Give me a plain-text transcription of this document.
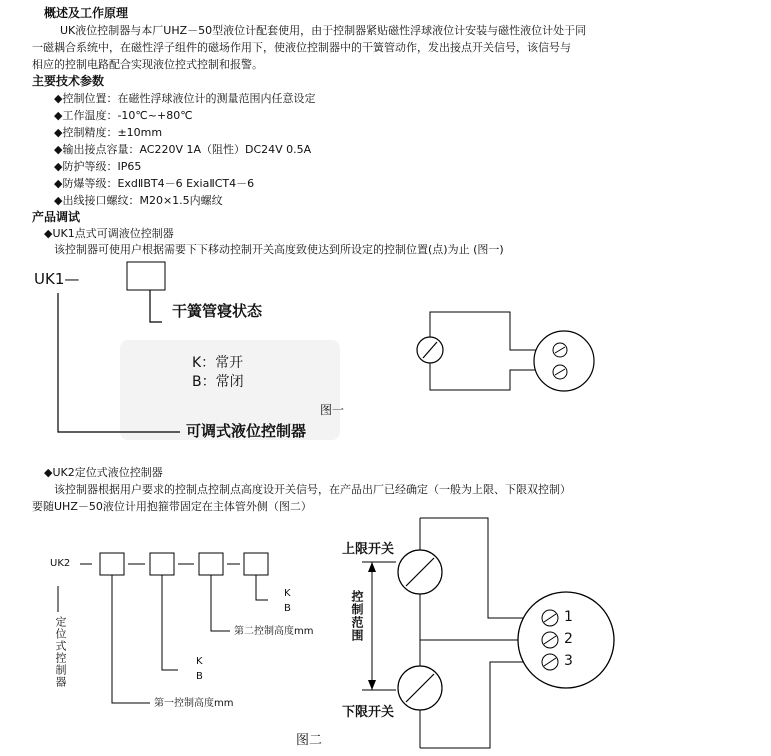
概述及工作原理
UK液位控制器与本厂UHZ－50型液位计配套使用，由于控制器紧贴磁性浮球液位计安装与磁性液位计处于同
一磁耦合系统中，在磁性浮子组件的磁场作用下，使液位控制器中的干簧管动作，发出接点开关信号，该信号与
相应的控制电路配合实现液位控式控制和报警。
主要技术参数
◆控制位置：在磁性浮球液位计的测量范围内任意设定
◆工作温度：-10℃~+80℃
◆控制精度：±10mm
◆输出接点容量：AC220V 1A（阻性）DC24V 0.5A
◆防护等级：IP65
◆防爆等级：ExdⅡBT4－6 ExiaⅡCT4－6
◆出线接口螺纹：M20×1.5内螺纹
产品调试
◆UK1点式可调液位控制器
该控制器可使用户根据需要下下移动控制开关高度致使达到所设定的控制位置(点)为止 (图一)
UK1—
干簧管寝状态
K：常开
B：常闭
可调式液位控制器
图一
◆UK2定位式液位控制器
该控制器根据用户要求的控制点控制点高度设开关信号，在产品出厂已经确定（一般为上限、下限双控制）
要随UHZ－50液位计用抱箍带固定在主体管外侧（图二）
UK2
定位式控制器
K
B
第二控制高度mm
K
B
第一控制高度mm
上限开关
下限开关
控制范围	1
2
3
图二
